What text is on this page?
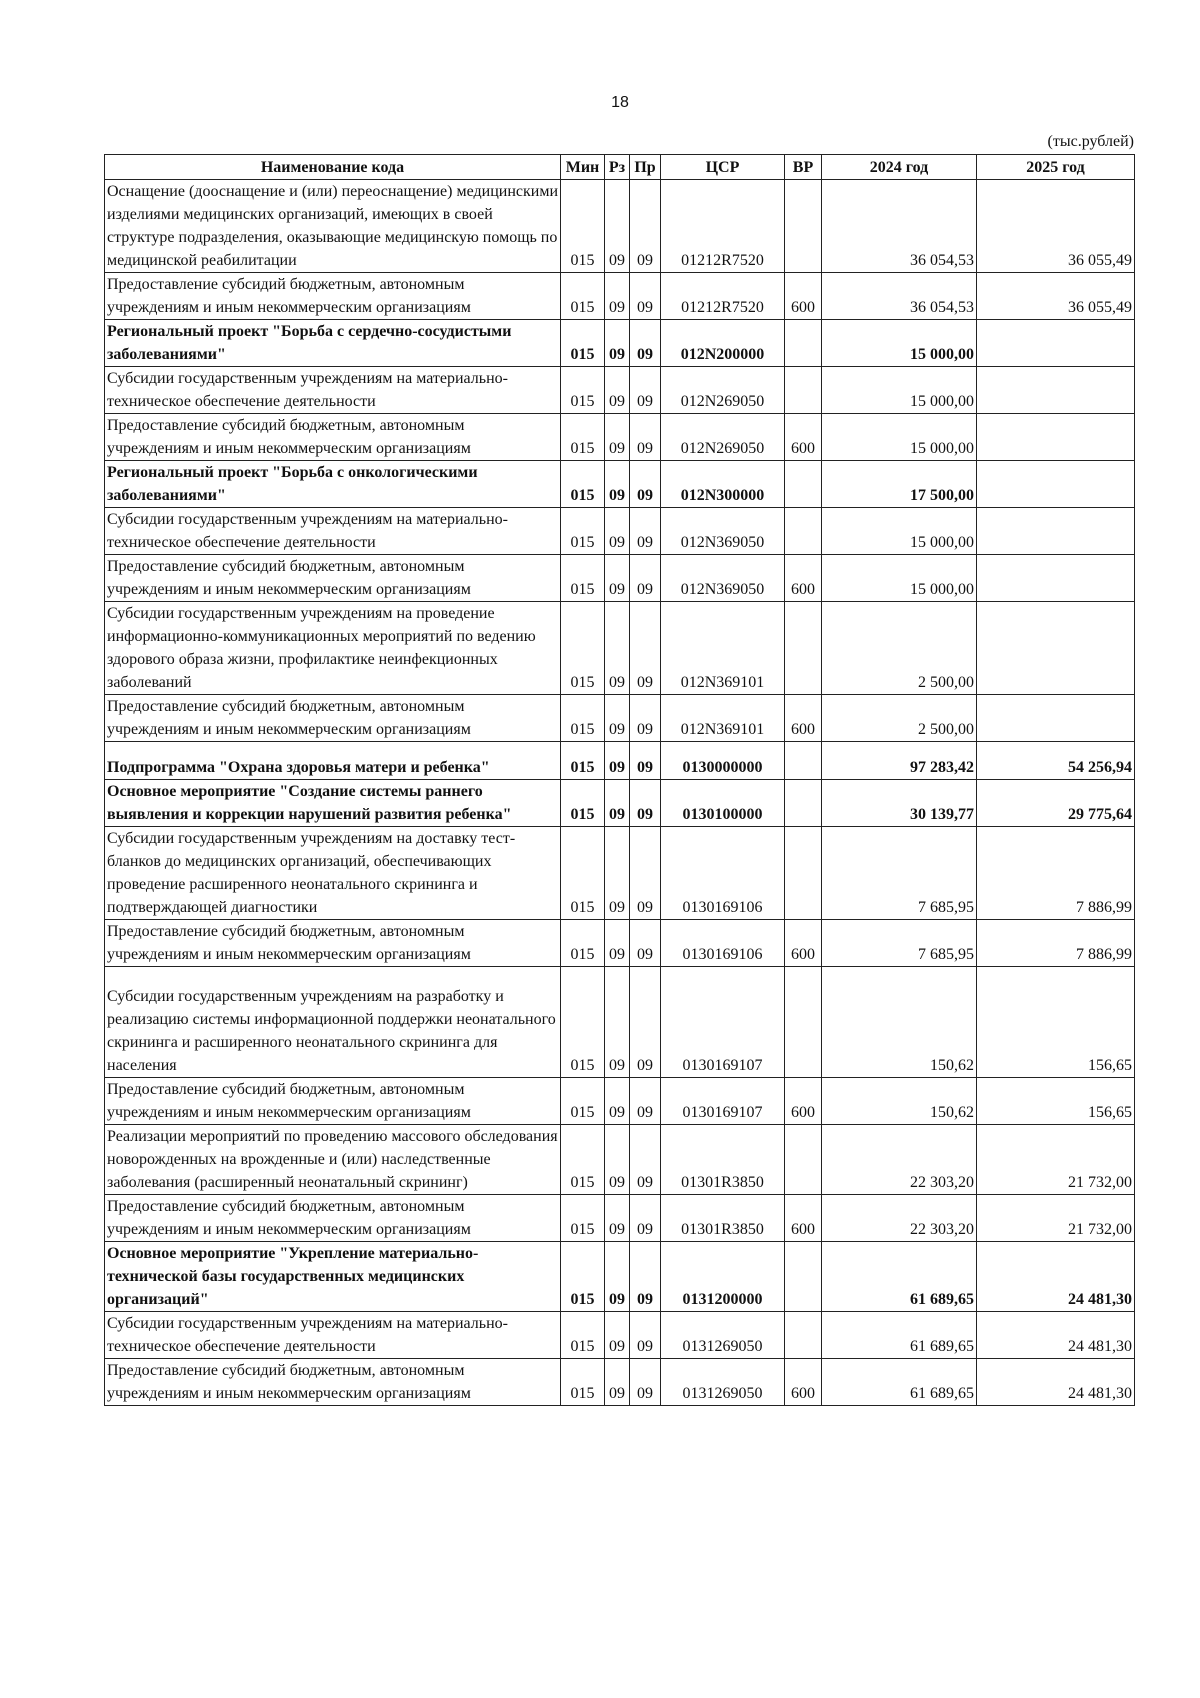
18
(тыс.рублей)
Наименование кода	Мин	Рз	Пр	ЦСР	ВР	2024 год	2025 год
Оснащение (дооснащение и (или) переоснащение) медицинскими изделиями медицинских организаций, имеющих в своей структуре подразделения, оказывающие медицинскую помощь по медицинской реабилитации	015	09	09	01212R7520		36 054,53	36 055,49
Предоставление субсидий бюджетным, автономным учреждениям и иным некоммерческим организациям	015	09	09	01212R7520	600	36 054,53	36 055,49
Региональный проект "Борьба с сердечно-сосудистыми заболеваниями"	015	09	09	012N200000		15 000,00	
Субсидии государственным учреждениям на материально-техническое обеспечение деятельности	015	09	09	012N269050		15 000,00	
Предоставление субсидий бюджетным, автономным учреждениям и иным некоммерческим организациям	015	09	09	012N269050	600	15 000,00	
Региональный проект "Борьба с онкологическими заболеваниями"	015	09	09	012N300000		17 500,00	
Субсидии государственным учреждениям на материально-техническое обеспечение деятельности	015	09	09	012N369050		15 000,00	
Предоставление субсидий бюджетным, автономным учреждениям и иным некоммерческим организациям	015	09	09	012N369050	600	15 000,00	
Субсидии государственным учреждениям на проведение информационно-коммуникационных мероприятий по ведению здорового образа жизни, профилактике неинфекционных заболеваний	015	09	09	012N369101		2 500,00	
Предоставление субсидий бюджетным, автономным учреждениям и иным некоммерческим организациям	015	09	09	012N369101	600	2 500,00	
Подпрограмма "Охрана здоровья матери и ребенка"	015	09	09	0130000000		97 283,42	54 256,94
Основное мероприятие "Создание системы раннего выявления и коррекции нарушений развития ребенка"	015	09	09	0130100000		30 139,77	29 775,64
Субсидии государственным учреждениям на доставку тест-бланков до медицинских организаций, обеспечивающих проведение расширенного неонатального скрининга и подтверждающей диагностики	015	09	09	0130169106		7 685,95	7 886,99
Предоставление субсидий бюджетным, автономным учреждениям и иным некоммерческим организациям	015	09	09	0130169106	600	7 685,95	7 886,99
Субсидии государственным учреждениям на разработку и реализацию системы информационной поддержки неонатального скрининга и расширенного неонатального скрининга для населения	015	09	09	0130169107		150,62	156,65
Предоставление субсидий бюджетным, автономным учреждениям и иным некоммерческим организациям	015	09	09	0130169107	600	150,62	156,65
Реализации мероприятий по проведению массового обследования новорожденных на врожденные и (или) наследственные заболевания (расширенный неонатальный скрининг)	015	09	09	01301R3850		22 303,20	21 732,00
Предоставление субсидий бюджетным, автономным учреждениям и иным некоммерческим организациям	015	09	09	01301R3850	600	22 303,20	21 732,00
Основное мероприятие "Укрепление материально-технической базы государственных медицинских организаций"	015	09	09	0131200000		61 689,65	24 481,30
Субсидии государственным учреждениям на материально-техническое обеспечение деятельности	015	09	09	0131269050		61 689,65	24 481,30
Предоставление субсидий бюджетным, автономным учреждениям и иным некоммерческим организациям	015	09	09	0131269050	600	61 689,65	24 481,30
